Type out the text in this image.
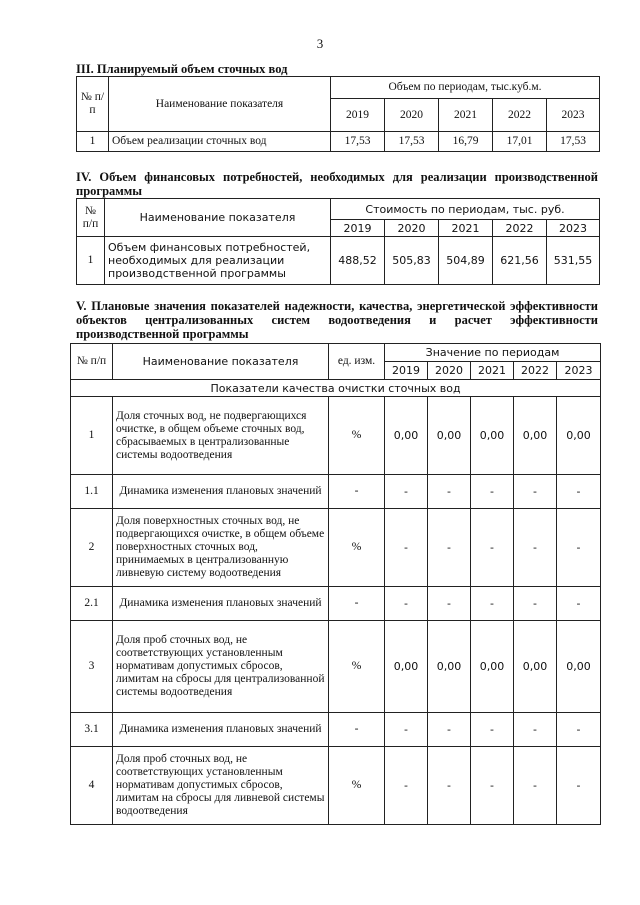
3
III. Планируемый объем сточных вод
№ п/п	Наименование показателя	Объем по периодам, тыс.куб.м.				
		2019	2020	2021	2022	2023
1	Объем реализации сточных вод	17,53	17,53	16,79	17,01	17,53
IV. Объем финансовых потребностей, необходимых для реализации производственной программы
№ п/п	Наименование показателя	Стоимость по периодам, тыс. руб.				
		2019	2020	2021	2022	2023
1	Объем финансовых потребностей, необходимых для реализации производственной программы	488,52	505,83	504,89	621,56	531,55
V. Плановые значения показателей надежности, качества, энергетической эффективности объектов централизованных систем водоотведения и расчет эффективности производственной программы
№ п/п	Наименование показателя	ед. изм.	Значение по периодам				
			2019	2020	2021	2022	2023
Показатели качества очистки сточных вод							
1	Доля сточных вод, не подвергающихся очистке, в общем объеме сточных вод, сбрасываемых в централизованные системы водоотведения	%	0,00	0,00	0,00	0,00	0,00
1.1	Динамика изменения плановых значений	-	-	-	-	-	-
2	Доля поверхностных сточных вод, не подвергающихся очистке, в общем объеме поверхностных сточных вод, принимаемых в централизованную ливневую систему водоотведения	%	-	-	-	-	-
2.1	Динамика изменения плановых значений	-	-	-	-	-	-
3	Доля проб сточных вод, не соответствующих установленным нормативам допустимых сбросов, лимитам на сбросы для централизованной системы водоотведения	%	0,00	0,00	0,00	0,00	0,00
3.1	Динамика изменения плановых значений	-	-	-	-	-	-
4	Доля проб сточных вод, не соответствующих установленным нормативам допустимых сбросов, лимитам на сбросы для ливневой системы водоотведения	%	-	-	-	-	-
